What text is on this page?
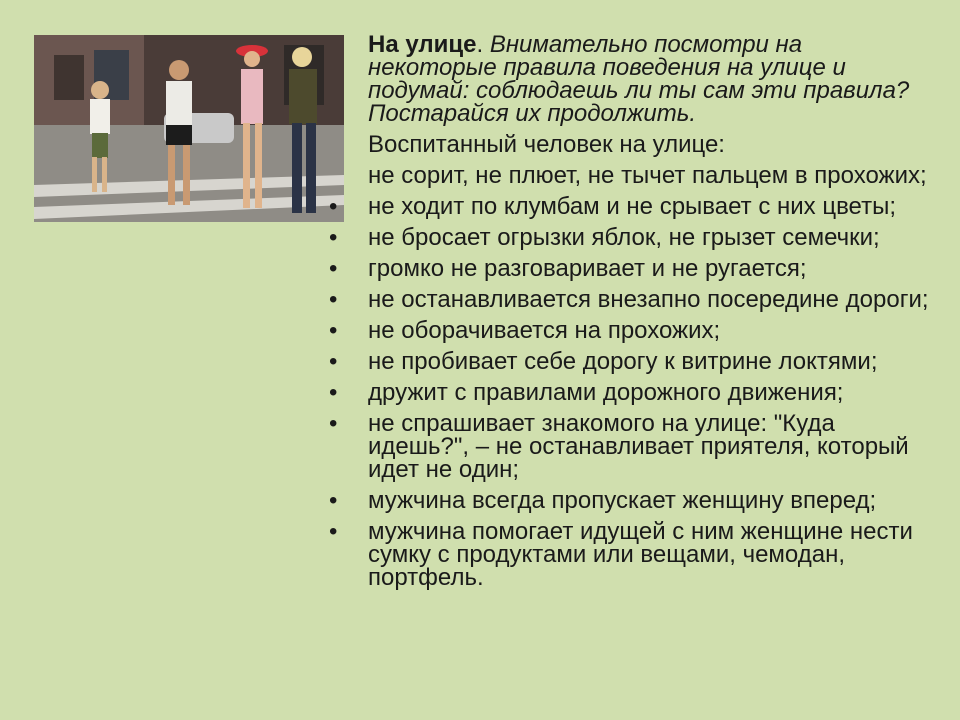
На улице. Внимательно посмотри на некоторые правила поведения на улице и подумай: соблюдаешь ли ты сам эти правила? Постарайся их продолжить.
Воспитанный человек на улице:
не сорит, не плюет, не тычет пальцем в прохожих;
•	не ходит по клумбам и не срывает с них цветы;
•	не бросает огрызки яблок, не грызет семечки;
•	громко не разговаривает и не ругается;
•	не останавливается внезапно посередине дороги;
•	не оборачивается на прохожих;
•	не пробивает себе дорогу к витрине локтями;
•	дружит с правилами дорожного движения;
•	не спрашивает знакомого на улице: "Куда идешь?", – не останавливает приятеля, который идет не один;
•	мужчина всегда пропускает женщину вперед;
•	мужчина помогает идущей с ним женщине нести сумку с продуктами или вещами, чемодан, портфель.
